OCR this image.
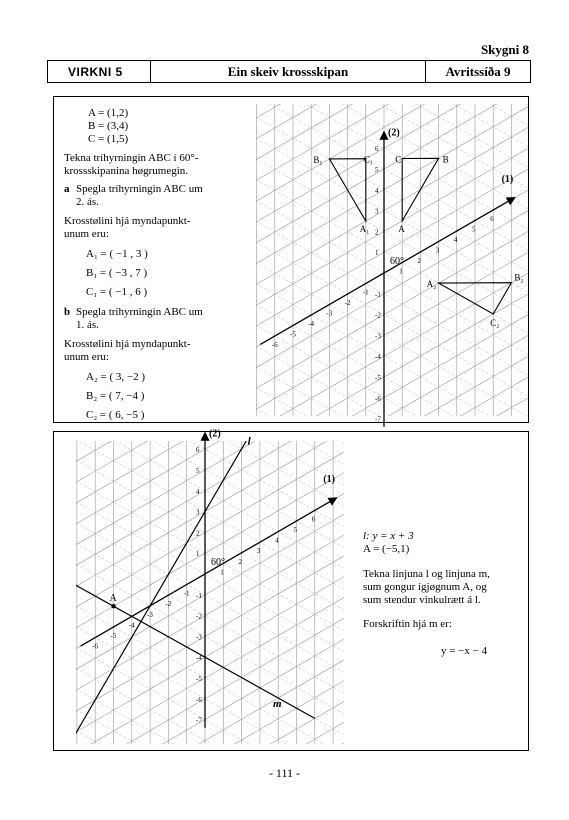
Skygni 8
VIRKNI 5	Ein skeiv krossskipan	Avritssíða 9
A = (1,2)
B = (3,4)
C = (1,5)
Tekna tríhyrningin ABC í 60°-
krossskipanina høgrumegin.
a Spegla tríhyrningin ABC um
2. ás.
Krosstølini hjá myndapunkt-
unum eru:
A₁ = ( −1 , 3 )
B₁ = ( −3 , 7 )
C₁ = ( −1 , 6 )
b Spegla tríhyrningin ABC um
1. ás.
Krosstølini hjá myndapunkt-
unum eru:
A₂ = ( 3, −2 )
B₂ = ( 7, −4 )
C₂ = ( 6, −5 )
-6
-5
-4
-3
-2
-1
1
2
3
4
5
6
-7
-6
-5
-4
-3
-2
-1
1
2
3
4
5
6
A
B
C
A₁
B₁	C₁
A₂
B₂
C₂
(1)
(2)
60°
-6
-5
-4
-3
-2
-1
1
2
3
4
5
6
-7
-6
-5
-4
-3
-2
-1
1
2
3
4
5
6
(1)
(2)
60°
A
l
m
l: y = x + 3
A = (−5,1)
Tekna linjuna l og linjuna m,
sum gongur ígjøgnum A, og
sum stendur vinkulrætt á l.
Forskriftin hjá m er:
y = −x − 4
- 111 -
